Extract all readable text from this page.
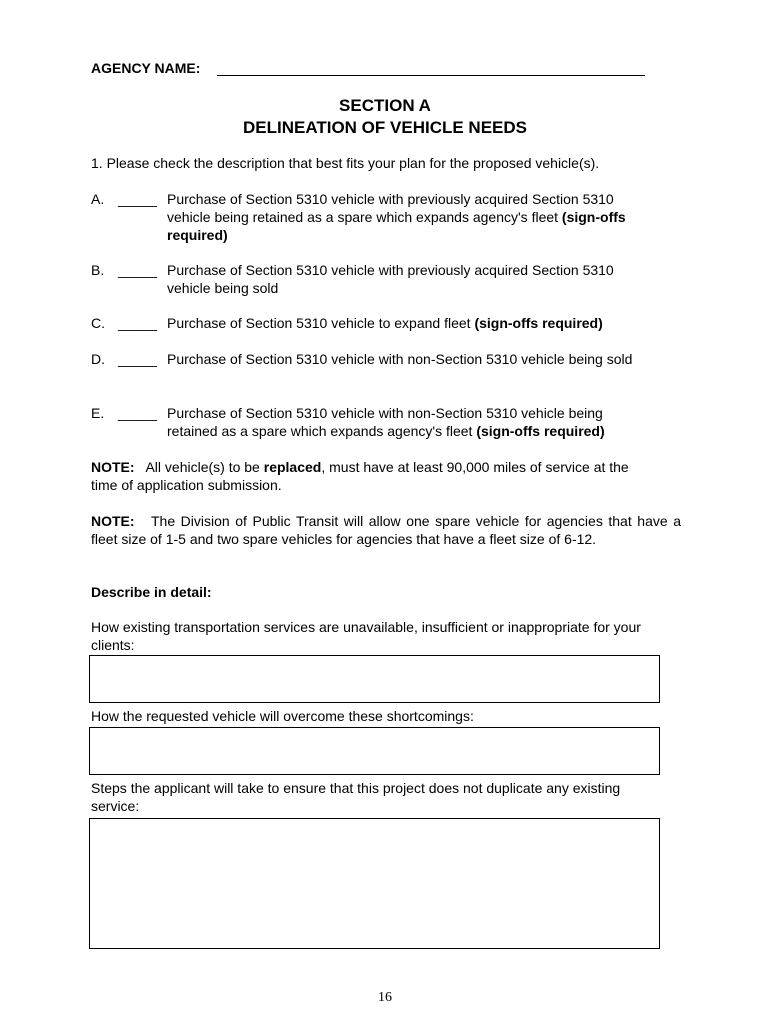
AGENCY NAME:
SECTION A
DELINEATION OF VEHICLE NEEDS
1. Please check the description that best fits your plan for the proposed vehicle(s).
A. _____ Purchase of Section 5310 vehicle with previously acquired Section 5310 vehicle being retained as a spare which expands agency's fleet (sign-offs required)
B. _____ Purchase of Section 5310 vehicle with previously acquired Section 5310 vehicle being sold
C. _____ Purchase of Section 5310 vehicle to expand fleet (sign-offs required)
D. _____ Purchase of Section 5310 vehicle with non-Section 5310 vehicle being sold
E. _____ Purchase of Section 5310 vehicle with non-Section 5310 vehicle being retained as a spare which expands agency's fleet (sign-offs required)
NOTE: All vehicle(s) to be replaced, must have at least 90,000 miles of service at the time of application submission.
NOTE: The Division of Public Transit will allow one spare vehicle for agencies that have a fleet size of 1-5 and two spare vehicles for agencies that have a fleet size of 6-12.
Describe in detail:
How existing transportation services are unavailable, insufficient or inappropriate for your clients:
How the requested vehicle will overcome these shortcomings:
Steps the applicant will take to ensure that this project does not duplicate any existing service:
16
